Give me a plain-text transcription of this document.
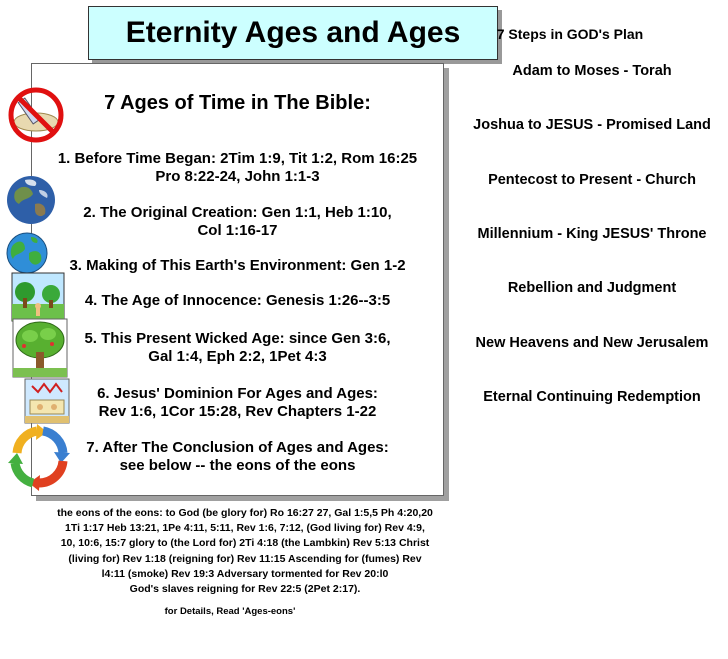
Eternity Ages and Ages
7 Ages of Time in The Bible:
1. Before Time Began: 2Tim 1:9, Tit 1:2, Rom 16:25
Pro 8:22-24, John 1:1-3
2. The Original Creation: Gen 1:1, Heb 1:10,
Col 1:16-17
3. Making of This Earth's Environment: Gen 1-2
4. The Age of Innocence: Genesis 1:26--3:5
5. This Present Wicked Age: since Gen 3:6,
Gal 1:4, Eph 2:2, 1Pet 4:3
6. Jesus' Dominion For Ages and Ages:
Rev 1:6, 1Cor 15:28, Rev Chapters 1-22
7. After The Conclusion of Ages and Ages:
see below -- the eons of the eons
7 Steps in GOD's Plan
Adam to Moses - Torah
Joshua to JESUS - Promised Land
Pentecost to Present - Church
Millennium - King JESUS' Throne
Rebellion and Judgment
New Heavens and New Jerusalem
Eternal Continuing Redemption
the eons of the eons: to God (be glory for) Ro 16:27 27, Gal 1:5,5 Ph 4:20,20
1Ti 1:17 Heb 13:21, 1Pe 4:11, 5:11, Rev 1:6, 7:12, (God living for) Rev 4:9,
10, 10:6, 15:7 glory to (the Lord for) 2Ti 4:18 (the Lambkin) Rev 5:13 Christ
(living for) Rev 1:18 (reigning for) Rev 11:15 Ascending for (fumes) Rev
l4:11 (smoke) Rev 19:3 Adversary tormented for Rev 20:l0
God's slaves reigning for Rev 22:5 (2Pet 2:17).
for Details, Read 'Ages-eons'
